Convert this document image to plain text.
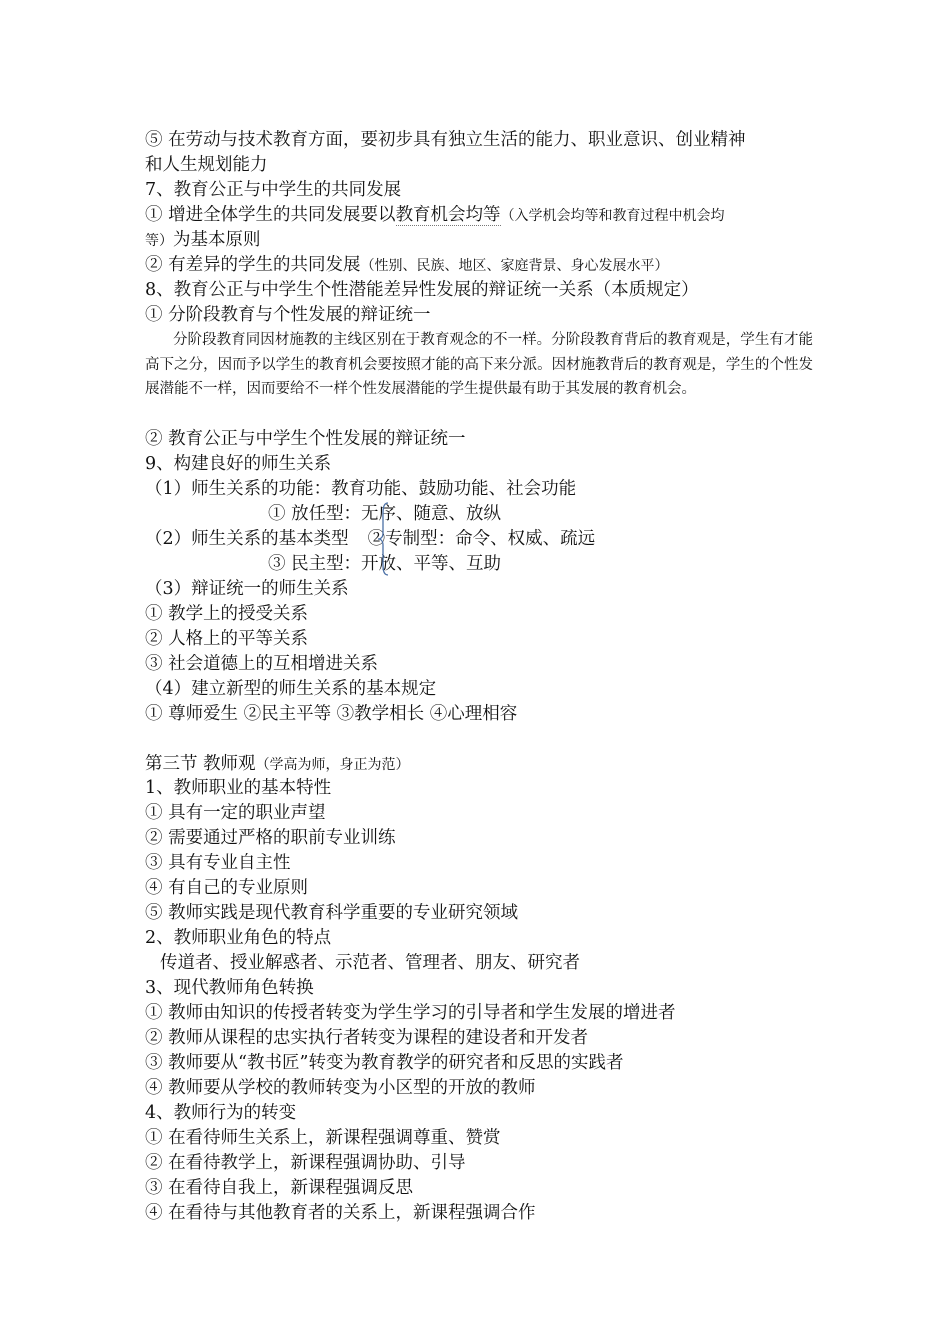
⑤ 在劳动与技术教育方面，要初步具有独立生活的能力、职业意识、创业精神
和人生规划能力
7、教育公正与中学生的共同发展
① 增进全体学生的共同发展要以教育机会均等（入学机会均等和教育过程中机会均
等）为基本原则
② 有差异的学生的共同发展（性别、民族、地区、家庭背景、身心发展水平）
8、教育公正与中学生个性潜能差异性发展的辩证统一关系（本质规定）
① 分阶段教育与个性发展的辩证统一
分阶段教育同因材施教的主线区别在于教育观念的不一样。分阶段教育背后的教育观是，学生有才能高下之分，因而予以学生的教育机会要按照才能的高下来分派。因材施教背后的教育观是，学生的个性发展潜能不一样，因而要给不一样个性发展潜能的学生提供最有助于其发展的教育机会。
② 教育公正与中学生个性发展的辩证统一
9、构建良好的师生关系
（1）师生关系的功能：教育功能、鼓励功能、社会功能
① 放任型：无序、随意、放纵
（2）师生关系的基本类型 ②专制型：命令、权威、疏远
③ 民主型：开放、平等、互助
（3）辩证统一的师生关系
① 教学上的授受关系
② 人格上的平等关系
③ 社会道德上的互相增进关系
（4）建立新型的师生关系的基本规定
① 尊师爱生 ②民主平等 ③教学相长 ④心理相容
第三节 教师观（学高为师，身正为范）
1、教师职业的基本特性
① 具有一定的职业声望
② 需要通过严格的职前专业训练
③ 具有专业自主性
④ 有自己的专业原则
⑤ 教师实践是现代教育科学重要的专业研究领域
2、教师职业角色的特点
传道者、授业解惑者、示范者、管理者、朋友、研究者
3、现代教师角色转换
① 教师由知识的传授者转变为学生学习的引导者和学生发展的增进者
② 教师从课程的忠实执行者转变为课程的建设者和开发者
③ 教师要从“教书匠”转变为教育教学的研究者和反思的实践者
④ 教师要从学校的教师转变为小区型的开放的教师
4、教师行为的转变
① 在看待师生关系上，新课程强调尊重、赞赏
② 在看待教学上，新课程强调协助、引导
③ 在看待自我上，新课程强调反思
④ 在看待与其他教育者的关系上，新课程强调合作
